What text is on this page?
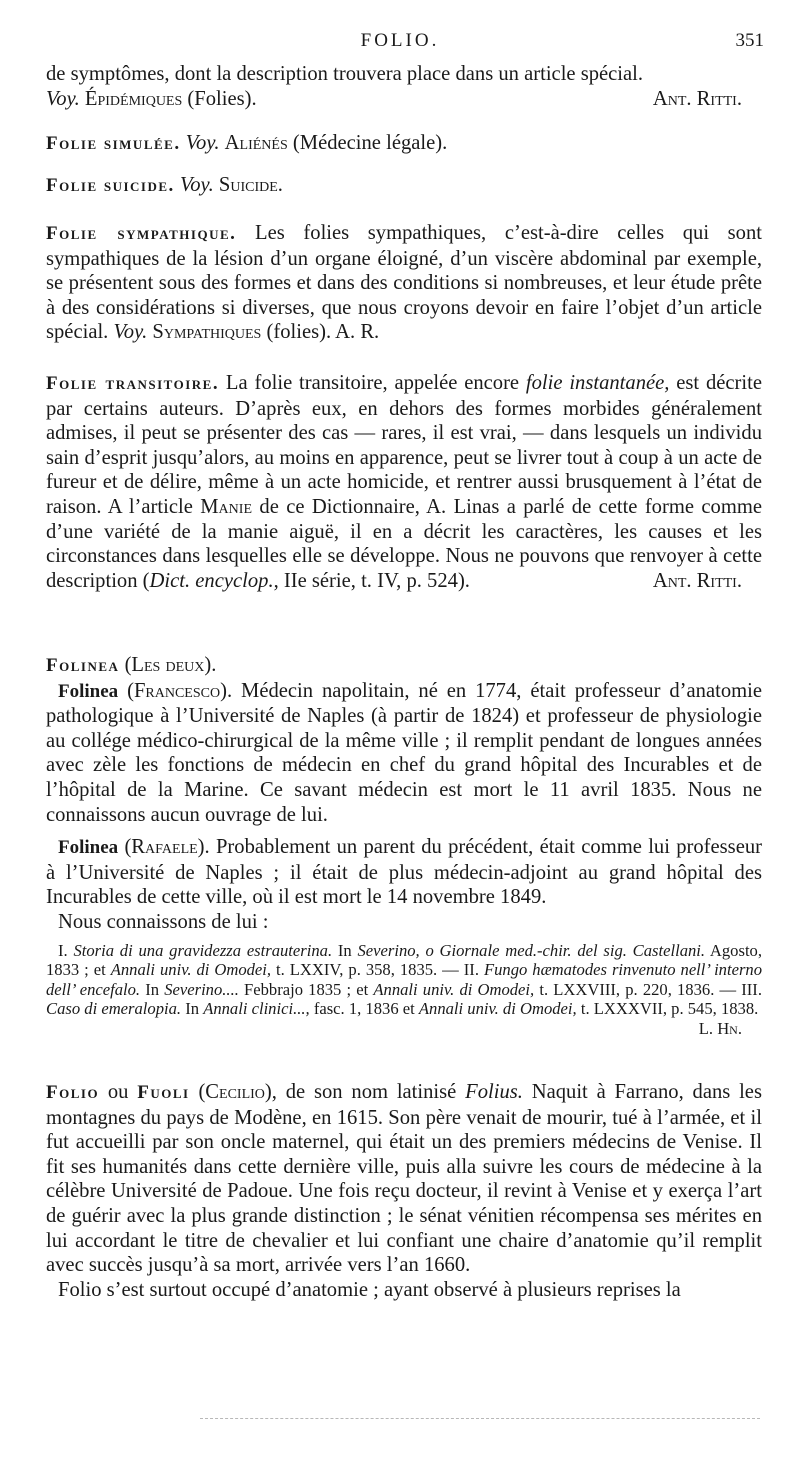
FOLIO.	351

de symptômes, dont la description trouvera place dans un article spécial.

Voy. Épidémiques (Folies).	Ant. Ritti.

Folie simulée. Voy. Aliénés (Médecine légale).

Folie suicide. Voy. Suicide.

Folie sympathique. Les folies sympathiques, c’est-à-dire celles qui sont sympathiques de la lésion d’un organe éloigné, d’un viscère abdominal par exemple, se présentent sous des formes et dans des conditions si nombreuses, et leur étude prête à des considérations si diverses, que nous croyons devoir en faire l’objet d’un article spécial. Voy. Sympathiques (folies). A. R.

Folie transitoire. La folie transitoire, appelée encore folie instantanée, est décrite par certains auteurs. D’après eux, en dehors des formes morbides généralement admises, il peut se présenter des cas — rares, il est vrai, — dans lesquels un individu sain d’esprit jusqu’alors, au moins en apparence, peut se livrer tout à coup à un acte de fureur et de délire, même à un acte homicide, et rentrer aussi brusquement à l’état de raison. A l’article Manie de ce Dictionnaire, A. Linas a parlé de cette forme comme d’une variété de la manie aiguë, il en a décrit les caractères, les causes et les circonstances dans lesquelles elle se développe. Nous ne pouvons que renvoyer à cette description (Dict. encyclop., IIe série, t. IV, p. 524).	Ant. Ritti.

Folinea (Les deux).

Folinea (Francesco). Médecin napolitain, né en 1774, était professeur d’anatomie pathologique à l’Université de Naples (à partir de 1824) et professeur de physiologie au collége médico-chirurgical de la même ville ; il remplit pendant de longues années avec zèle les fonctions de médecin en chef du grand hôpital des Incurables et de l’hôpital de la Marine. Ce savant médecin est mort le 11 avril 1835. Nous ne connaissons aucun ouvrage de lui.

Folinea (Rafaele). Probablement un parent du précédent, était comme lui professeur à l’Université de Naples ; il était de plus médecin-adjoint au grand hôpital des Incurables de cette ville, où il est mort le 14 novembre 1849.

Nous connaissons de lui :

I. Storia di una gravidezza estrauterina. In Severino, o Giornale med.-chir. del sig. Castellani. Agosto, 1833 ; et Annali univ. di Omodei, t. LXXIV, p. 358, 1835. — II. Fungo hæmatodes rinvenuto nell’ interno dell’ encefalo. In Severino.... Febbrajo 1835 ; et Annali univ. di Omodei, t. LXXVIII, p. 220, 1836. — III. Caso di emeralopia. In Annali clinici..., fasc. 1, 1836 et Annali univ. di Omodei, t. LXXXVII, p. 545, 1838.
L. Hn.

Folio ou Fuoli (Cecilio), de son nom latinisé Folius. Naquit à Farrano, dans les montagnes du pays de Modène, en 1615. Son père venait de mourir, tué à l’armée, et il fut accueilli par son oncle maternel, qui était un des premiers médecins de Venise. Il fit ses humanités dans cette dernière ville, puis alla suivre les cours de médecine à la célèbre Université de Padoue. Une fois reçu docteur, il revint à Venise et y exerça l’art de guérir avec la plus grande distinction ; le sénat vénitien récompensa ses mérites en lui accordant le titre de chevalier et lui confiant une chaire d’anatomie qu’il remplit avec succès jusqu’à sa mort, arrivée vers l’an 1660.

Folio s’est surtout occupé d’anatomie ; ayant observé à plusieurs reprises la
